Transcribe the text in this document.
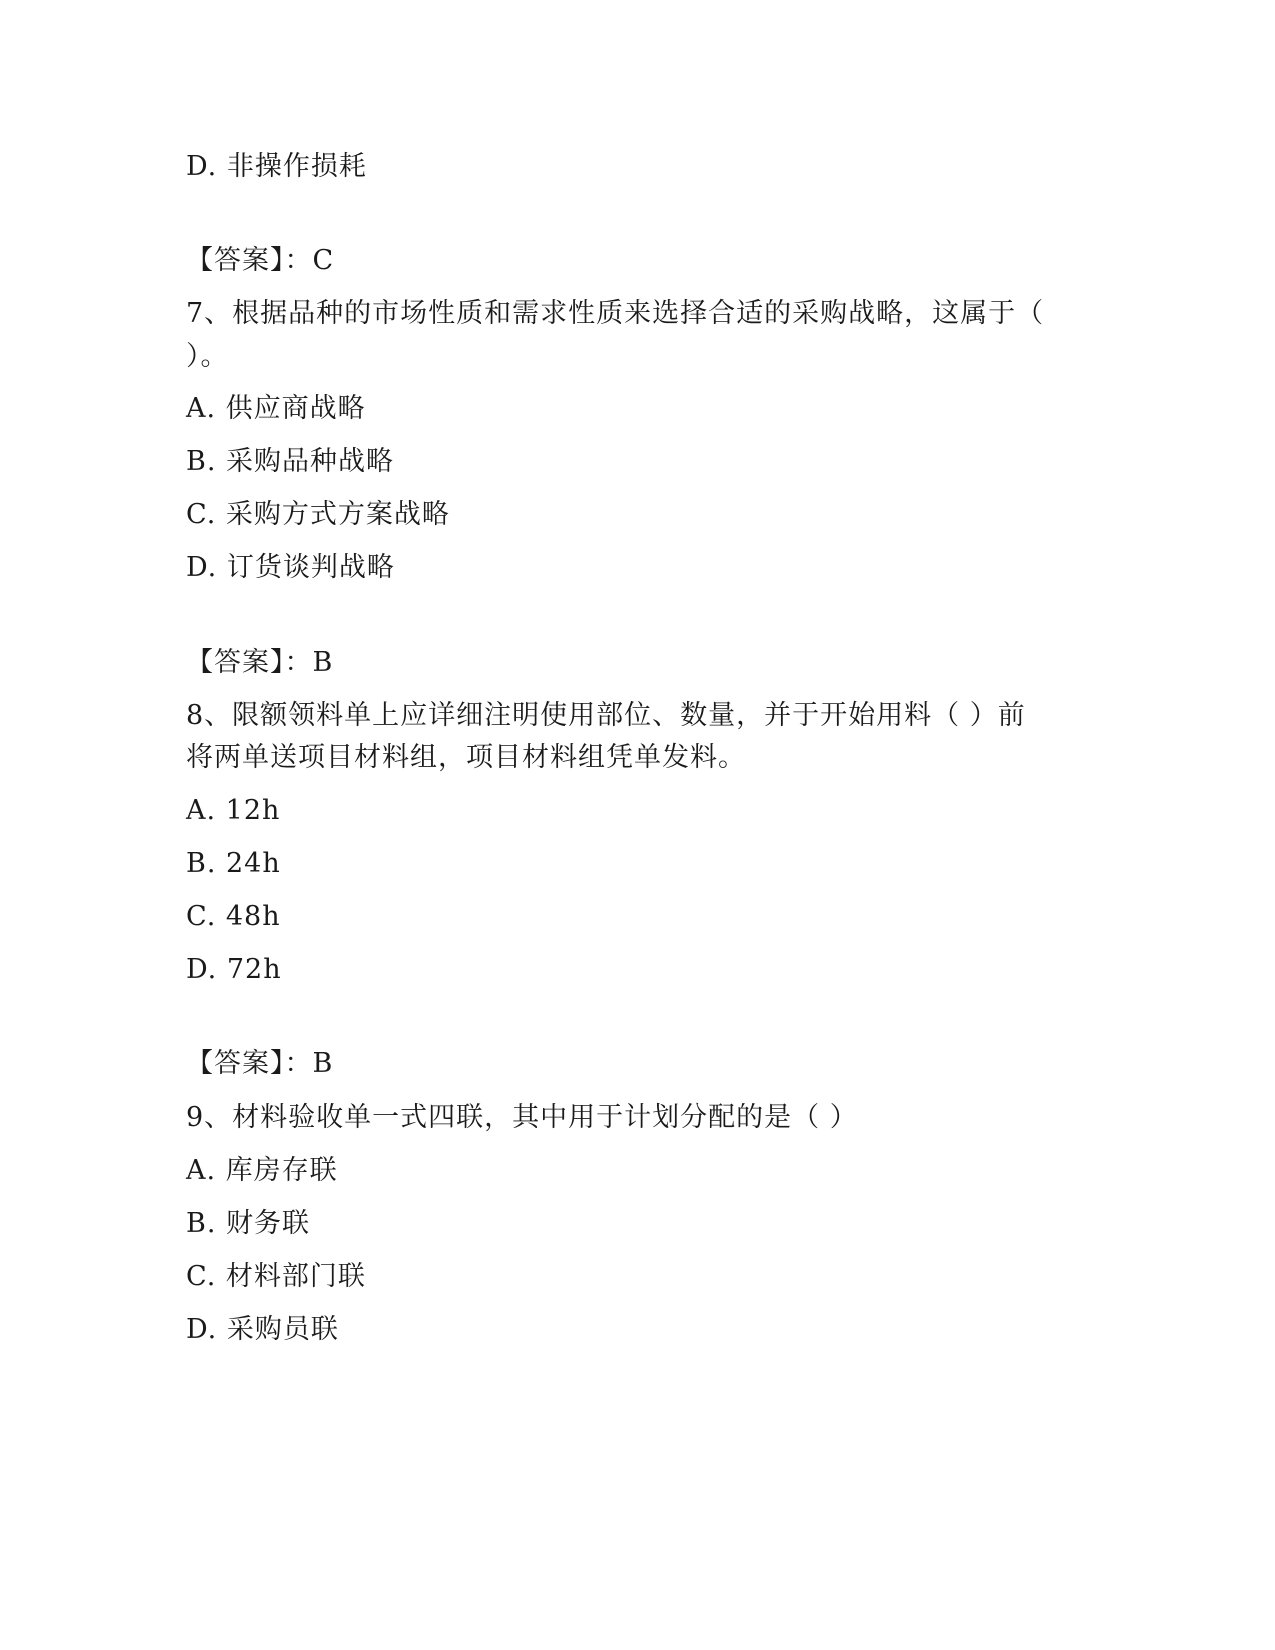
D. 非操作损耗
【答案】：C
7、根据品种的市场性质和需求性质来选择合适的采购战略，这属于（
）。
A. 供应商战略
B. 采购品种战略
C. 采购方式方案战略
D. 订货谈判战略
【答案】：B
8、限额领料单上应详细注明使用部位、数量，并于开始用料（ ）前
将两单送项目材料组，项目材料组凭单发料。
A. 12h
B. 24h
C. 48h
D. 72h
【答案】：B
9、材料验收单一式四联，其中用于计划分配的是（ ）
A. 库房存联
B. 财务联
C. 材料部门联
D. 采购员联
